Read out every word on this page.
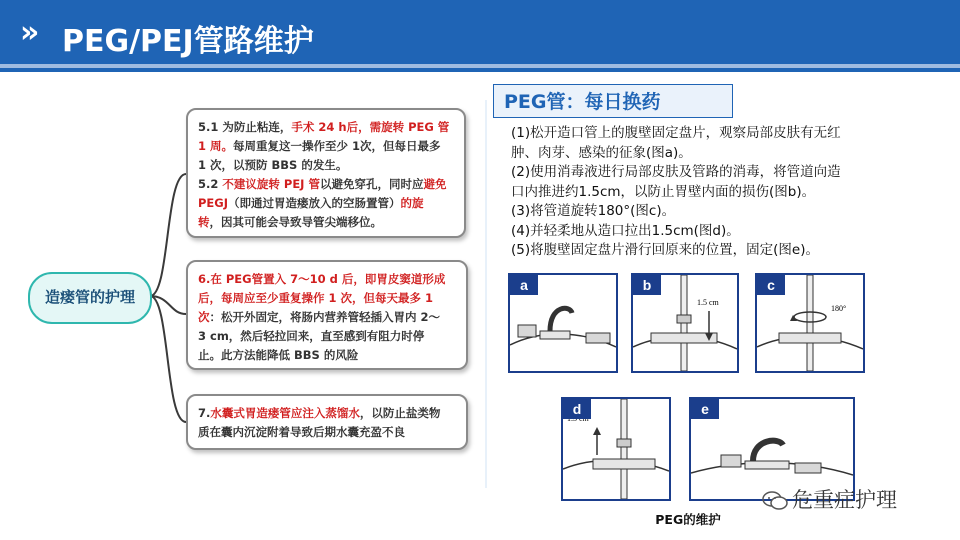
» PEG/PEJ管路维护
造瘘管的护理
5.1 为防止粘连，手术 24 h后，需旋转 PEG 管
1 周。每周重复这一操作至少 1次，但每日最多
1 次，以预防 BBS 的发生。
5.2 不建议旋转 PEJ 管以避免穿孔，同时应避免
PEGJ（即通过胃造瘘放入的空肠置管）的旋
转，因其可能会导致导管尖端移位。
6.在 PEG管置入 7～10 d 后，即胃皮窦道形成
后，每周应至少重复操作 1 次，但每天最多 1
次：松开外固定，将肠内营养管轻插入胃内 2～
3 cm，然后轻拉回来，直至感到有阻力时停
止。此方法能降低 BBS 的风险
7.水囊式胃造瘘管应注入蒸馏水，以防止盐类物
质在囊内沉淀附着导致后期水囊充盈不良
PEG管：每日换药
(1)松开造口管上的腹壁固定盘片，观察局部皮肤有无红
肿、肉芽、感染的征象(图a)。
(2)使用消毒液进行局部皮肤及管路的消毒，将管道向造
口内推进约1.5cm，以防止胃壁内面的损伤(图b)。
(3)将管道旋转180°(图c)。
(4)并轻柔地从造口拉出1.5cm(图d)。
(5)将腹壁固定盘片滑行回原来的位置，固定(图e)。
a
1.5 cm
b
180°
c
d	e
PEG的维护
危重症护理
